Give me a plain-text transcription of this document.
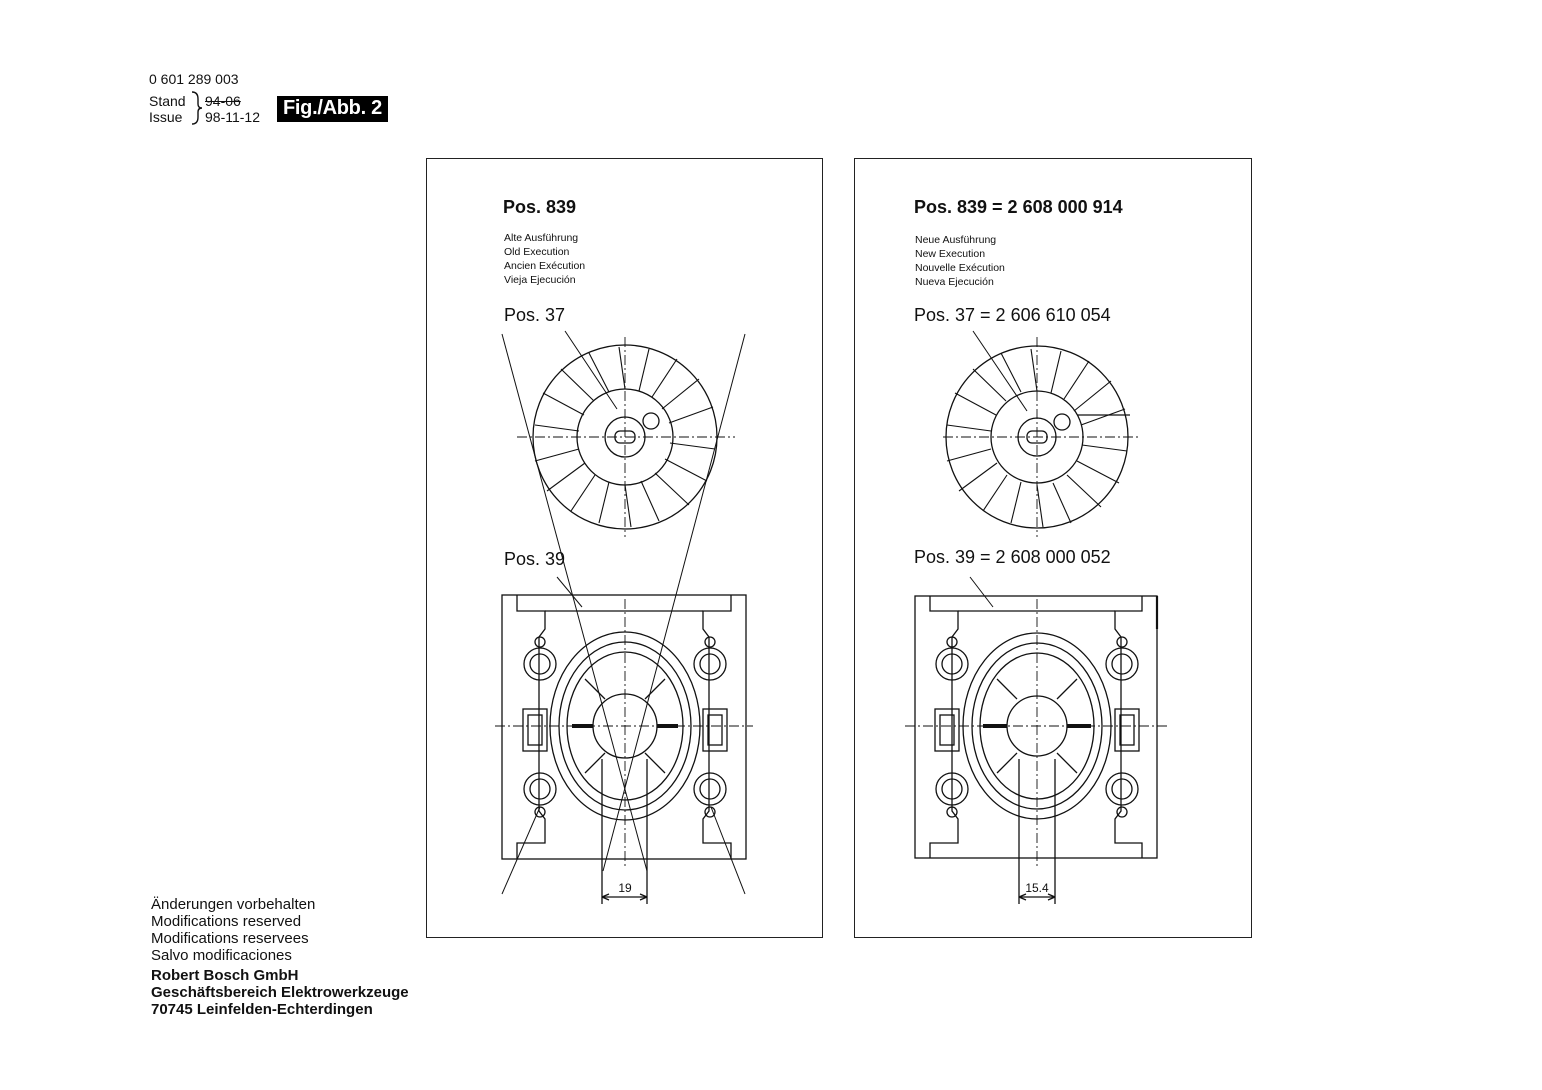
0 601 289 003
Stand
Issue
94-06
98-11-12	Fig./Abb. 2
Pos. 839
Alte Ausführung
Old Execution
Ancien Exécution
Vieja Ejecución
Pos. 37
Pos. 39
19
Pos. 839 = 2 608 000 914
Neue Ausführung
New Execution
Nouvelle Exécution
Nueva Ejecución
Pos. 37 = 2 606 610 054
Pos. 39 = 2 608 000 052
15.4
Änderungen vorbehalten
Modifications reserved
Modifications reservees
Salvo modificaciones
Robert Bosch GmbH
Geschäftsbereich Elektrowerkzeuge
70745 Leinfelden-Echterdingen
